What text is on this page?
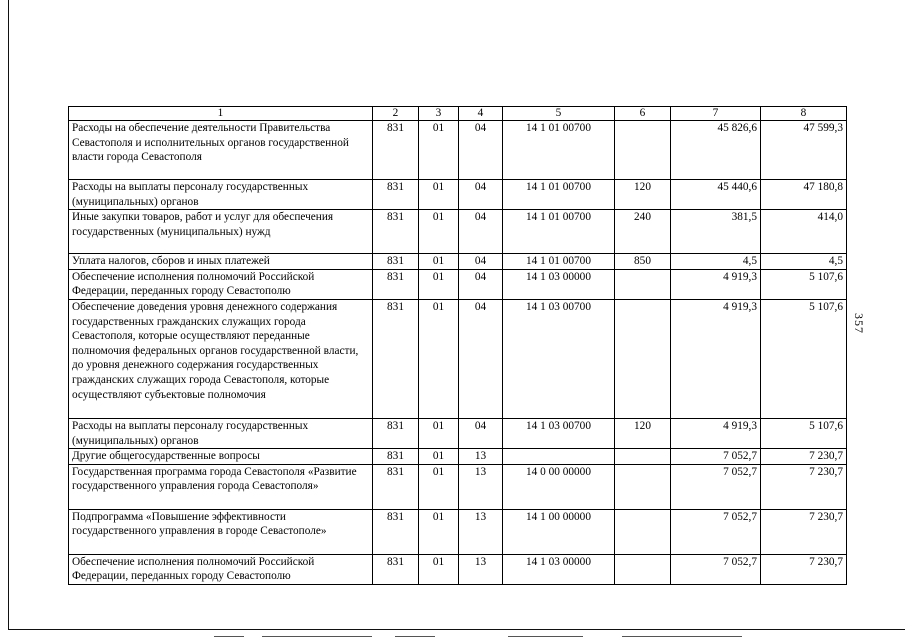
1	2	3	4	5	6	7	8
Расходы на обеспечение деятельности Правительства Севастополя и исполнительных органов государственной власти города Севастополя	831	01	04	14 1 01 00700		45 826,6	47 599,3
Расходы на выплаты персоналу государственных (муниципальных) органов	831	01	04	14 1 01 00700	120	45 440,6	47 180,8
Иные закупки товаров, работ и услуг для обеспечения государственных (муниципальных) нужд	831	01	04	14 1 01 00700	240	381,5	414,0
Уплата налогов, сборов и иных платежей	831	01	04	14 1 01 00700	850	4,5	4,5
Обеспечение исполнения полномочий Российской Федерации, переданных городу Севастополю	831	01	04	14 1 03 00000		4 919,3	5 107,6
Обеспечение доведения уровня денежного содержания государственных гражданских служащих города Севастополя, которые осуществляют переданные полномочия федеральных органов государственной власти, до уровня денежного содержания государственных гражданских служащих города Севастополя, которые осуществляют субъектовые полномочия	831	01	04	14 1 03 00700		4 919,3	5 107,6
Расходы на выплаты персоналу государственных (муниципальных) органов	831	01	04	14 1 03 00700	120	4 919,3	5 107,6
Другие общегосударственные вопросы	831	01	13			7 052,7	7 230,7
Государственная программа города Севастополя «Развитие государственного управления города Севастополя»	831	01	13	14 0 00 00000		7 052,7	7 230,7
Подпрограмма «Повышение эффективности государственного управления в городе Севастополе»	831	01	13	14 1 00 00000		7 052,7	7 230,7
Обеспечение исполнения полномочий Российской Федерации, переданных городу Севастополю	831	01	13	14 1 03 00000		7 052,7	7 230,7
357
